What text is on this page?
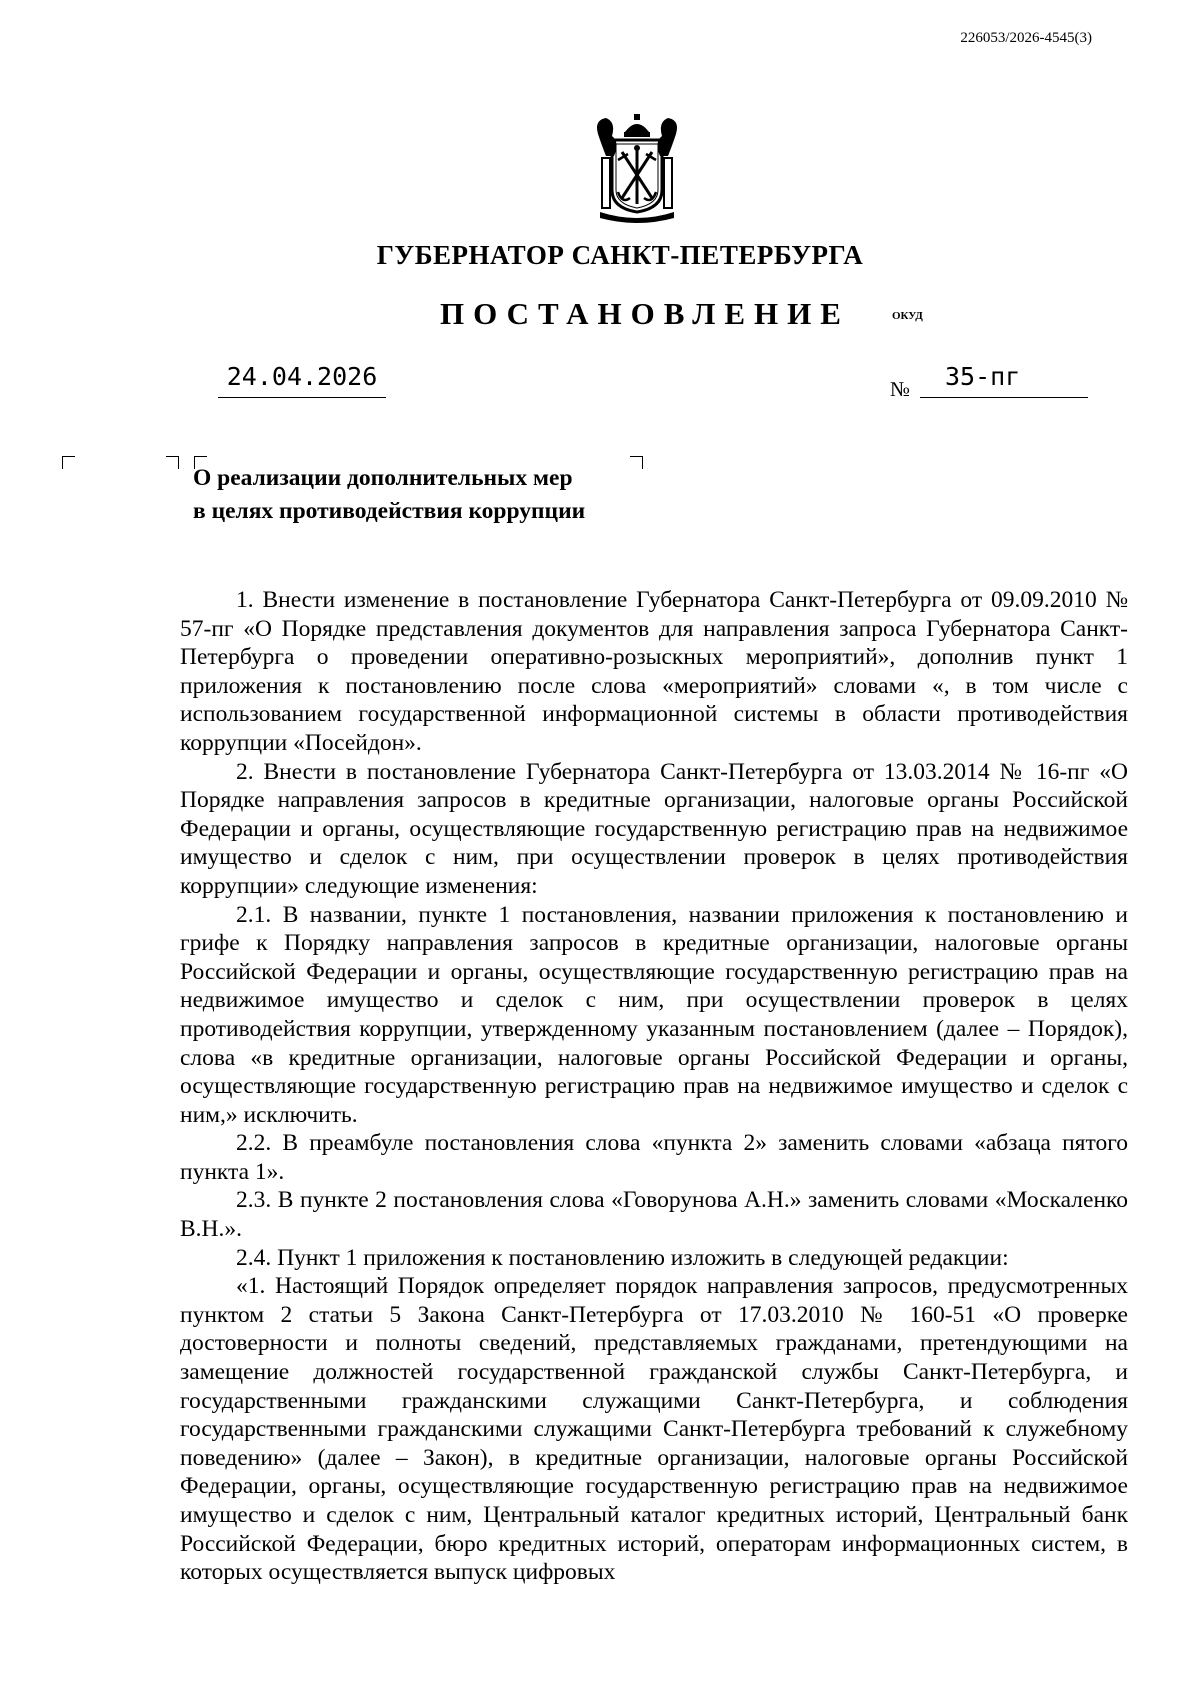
226053/2026-4545(3)
ГУБЕРНАТОР САНКТ-ПЕТЕРБУРГА
ПОСТАНОВЛЕНИЕ	ОКУД
24.04.2026	№	35-пг
О реализации дополнительных мер
в целях противодействия коррупции

1. Внести изменение в постановление Губернатора Санкт-Петербурга от 09.09.2010 № 57-пг «О Порядке представления документов для направления запроса Губернатора Санкт-Петербурга о проведении оперативно-розыскных мероприятий», дополнив пункт 1 приложения к постановлению после слова «мероприятий» словами «, в том числе с использованием государственной информационной системы в области противодействия коррупции «Посейдон».

2. Внести в постановление Губернатора Санкт-Петербурга от 13.03.2014 № 16-пг «О Порядке направления запросов в кредитные организации, налоговые органы Российской Федерации и органы, осуществляющие государственную регистрацию прав на недвижимое имущество и сделок с ним, при осуществлении проверок в целях противодействия коррупции» следующие изменения:

2.1. В названии, пункте 1 постановления, названии приложения к постановлению и грифе к Порядку направления запросов в кредитные организации, налоговые органы Российской Федерации и органы, осуществляющие государственную регистрацию прав на недвижимое имущество и сделок с ним, при осуществлении проверок в целях противодействия коррупции, утвержденному указанным постановлением (далее – Порядок), слова «в кредитные организации, налоговые органы Российской Федерации и органы, осуществляющие государственную регистрацию прав на недвижимое имущество и сделок с ним,» исключить.

2.2. В преамбуле постановления слова «пункта 2» заменить словами «абзаца пятого пункта 1».

2.3. В пункте 2 постановления слова «Говорунова А.Н.» заменить словами «Москаленко В.Н.».

2.4. Пункт 1 приложения к постановлению изложить в следующей редакции:

«1. Настоящий Порядок определяет порядок направления запросов, предусмотренных пунктом 2 статьи 5 Закона Санкт-Петербурга от 17.03.2010 № 160-51 «О проверке достоверности и полноты сведений, представляемых гражданами, претендующими на замещение должностей государственной гражданской службы Санкт-Петербурга, и государственными гражданскими служащими Санкт-Петербурга, и соблюдения государственными гражданскими служащими Санкт-Петербурга требований к служебному поведению» (далее – Закон), в кредитные организации, налоговые органы Российской Федерации, органы, осуществляющие государственную регистрацию прав на недвижимое имущество и сделок с ним, Центральный каталог кредитных историй, Центральный банк Российской Федерации, бюро кредитных историй, операторам информационных систем, в которых осуществляется выпуск цифровых
